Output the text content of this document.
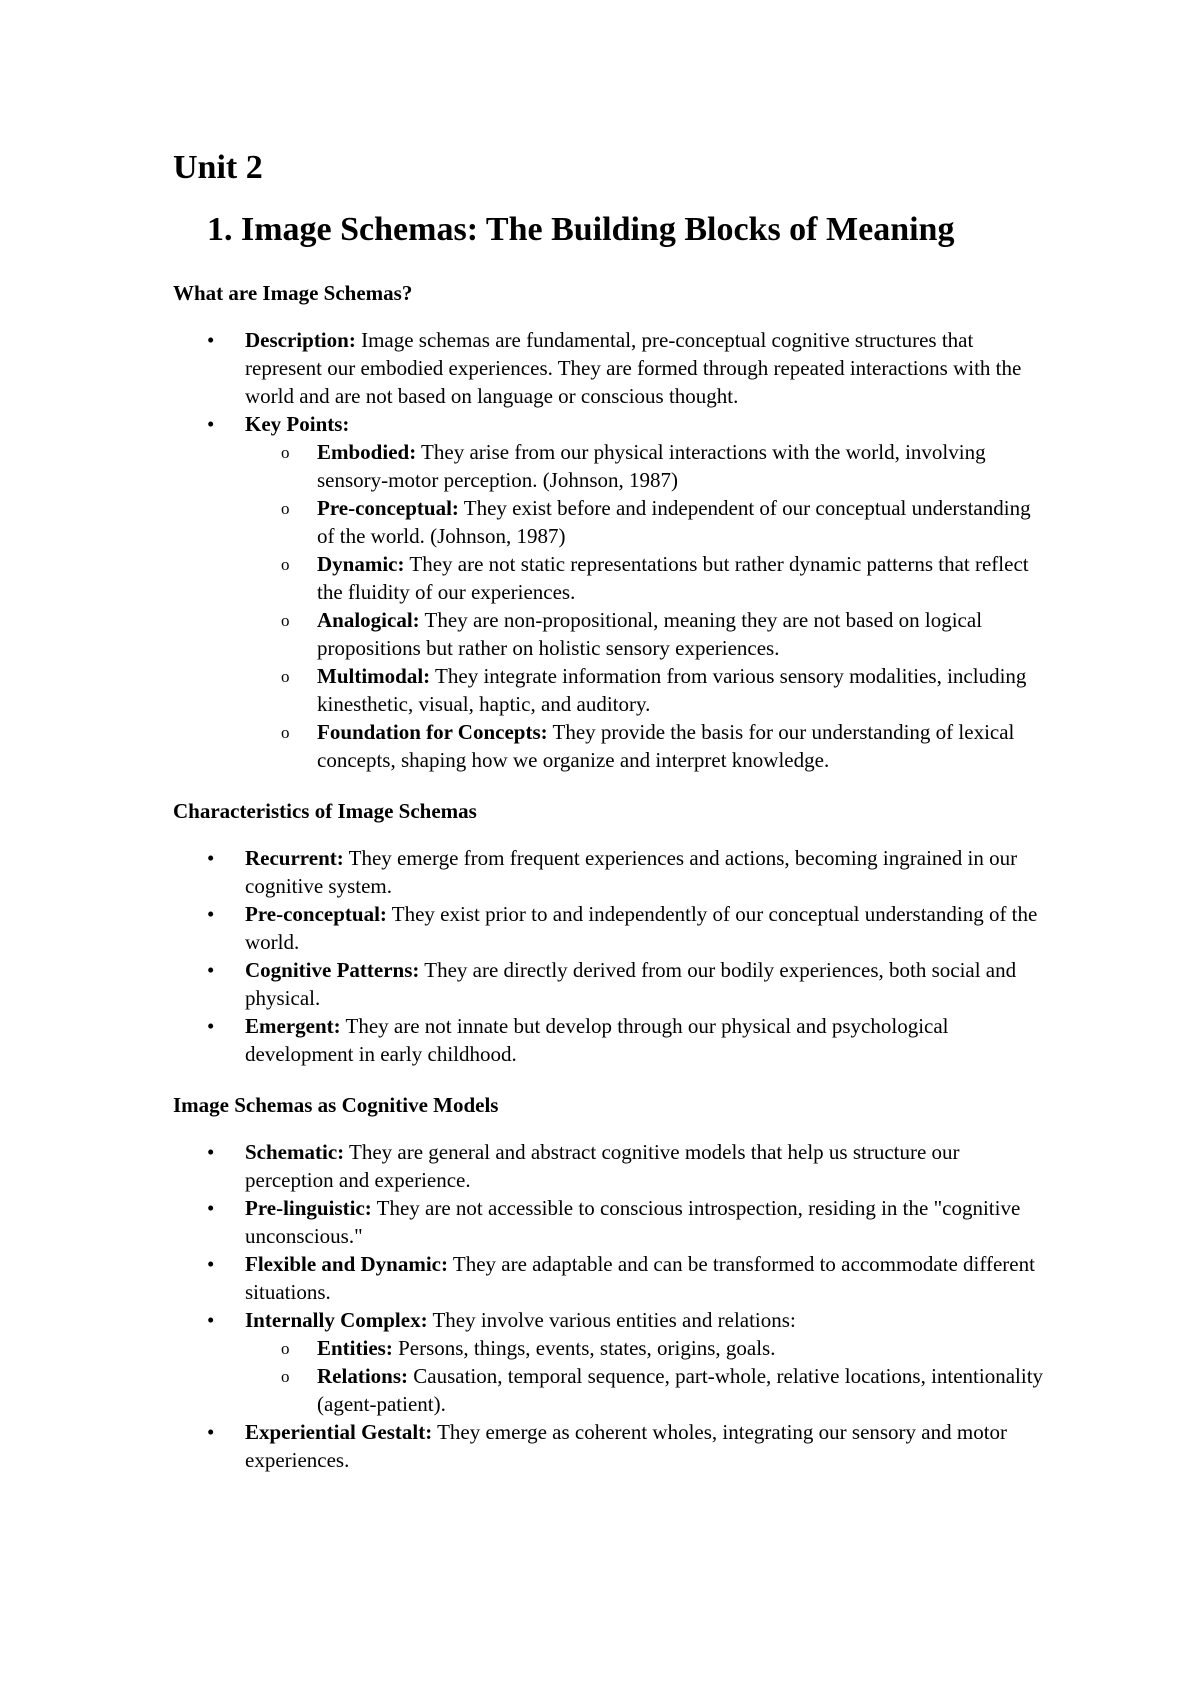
Unit 2
1. Image Schemas: The Building Blocks of Meaning
What are Image Schemas?
• Description: Image schemas are fundamental, pre-conceptual cognitive structures that represent our embodied experiences. They are formed through repeated interactions with the world and are not based on language or conscious thought.
• Key Points:
o Embodied: They arise from our physical interactions with the world, involving sensory-motor perception. (Johnson, 1987)
o Pre-conceptual: They exist before and independent of our conceptual understanding of the world. (Johnson, 1987)
o Dynamic: They are not static representations but rather dynamic patterns that reflect the fluidity of our experiences.
o Analogical: They are non-propositional, meaning they are not based on logical propositions but rather on holistic sensory experiences.
o Multimodal: They integrate information from various sensory modalities, including kinesthetic, visual, haptic, and auditory.
o Foundation for Concepts: They provide the basis for our understanding of lexical concepts, shaping how we organize and interpret knowledge.
Characteristics of Image Schemas
• Recurrent: They emerge from frequent experiences and actions, becoming ingrained in our cognitive system.
• Pre-conceptual: They exist prior to and independently of our conceptual understanding of the world.
• Cognitive Patterns: They are directly derived from our bodily experiences, both social and physical.
• Emergent: They are not innate but develop through our physical and psychological development in early childhood.
Image Schemas as Cognitive Models
• Schematic: They are general and abstract cognitive models that help us structure our perception and experience.
• Pre-linguistic: They are not accessible to conscious introspection, residing in the "cognitive unconscious."
• Flexible and Dynamic: They are adaptable and can be transformed to accommodate different situations.
• Internally Complex: They involve various entities and relations:
o Entities: Persons, things, events, states, origins, goals.
o Relations: Causation, temporal sequence, part-whole, relative locations, intentionality (agent-patient).
• Experiential Gestalt: They emerge as coherent wholes, integrating our sensory and motor experiences.
